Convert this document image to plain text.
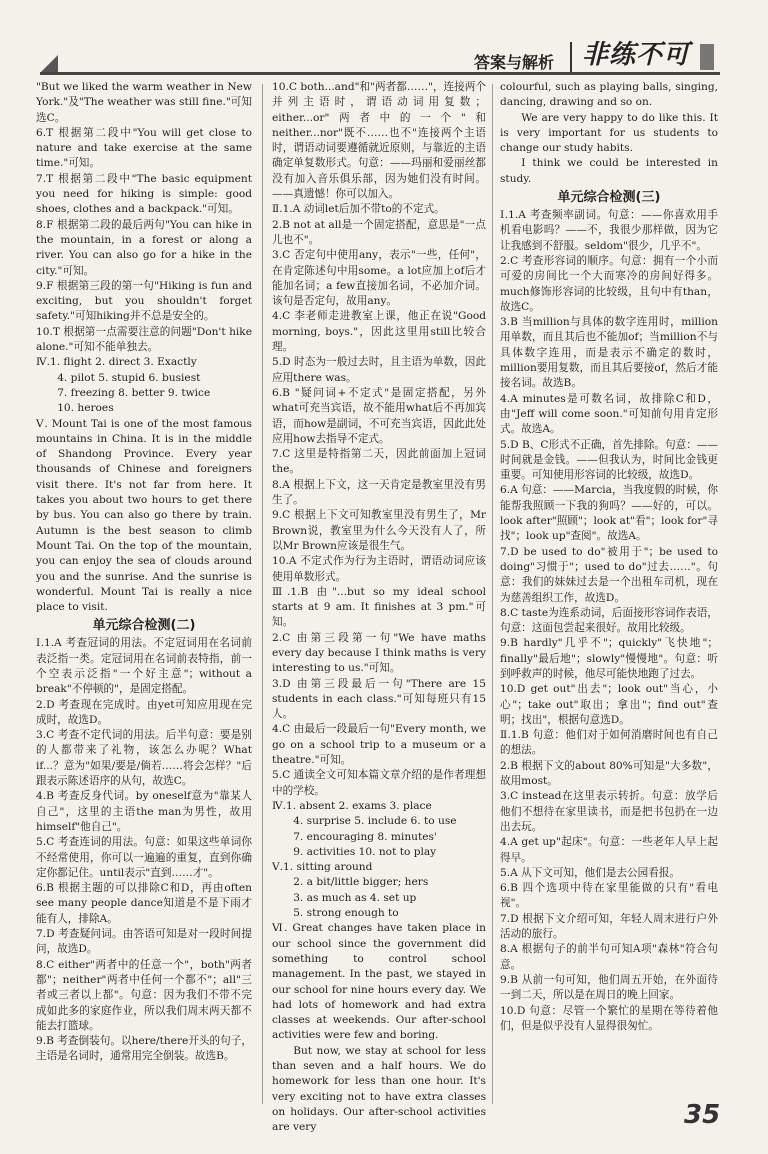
答案与解析 非练不可

"But we liked the warm weather in New York."及"The weather was still fine."可知选C。

6.T 根据第二段中"You will get close to nature and take exercise at the same time."可知。

7.T 根据第二段中"The basic equipment you need for hiking is simple: good shoes, clothes and a backpack."可知。

8.F 根据第二段的最后两句"You can hike in the mountain, in a forest or along a river. You can also go for a hike in the city."可知。

9.F 根据第三段的第一句"Hiking is fun and exciting, but you shouldn't forget safety."可知hiking并不总是安全的。

10.T 根据第一点需要注意的问题"Don't hike alone."可知不能单独去。

Ⅳ.1. flight 2. direct 3. Exactly

4. pilot 5. stupid 6. busiest

7. freezing 8. better 9. twice

10. heroes

Ⅴ. Mount Tai is one of the most famous mountains in China. It is in the middle of Shandong Province. Every year thousands of Chinese and foreigners visit there. It's not far from here. It takes you about two hours to get there by bus. You can also go there by train. Autumn is the best season to climb Mount Tai. On the top of the mountain, you can enjoy the sea of clouds around you and the sunrise. And the sunrise is wonderful. Mount Tai is really a nice place to visit.

单元综合检测(二)

Ⅰ.1.A 考查冠词的用法。不定冠词用在名词前表泛指一类。定冠词用在名词前表特指，前一个空表示泛指"一个好主意"；without a break"不停顿的"，是固定搭配。

2.D 考查现在完成时。由yet可知应用现在完成时，故选D。

3.C 考查不定代词的用法。后半句意：要是别的人都带来了礼物，该怎么办呢？What if...？意为"如果/要是/倘若……将会怎样？"后跟表示陈述语序的从句，故选C。

4.B 考查反身代词。by oneself意为"靠某人自己"，这里的主语the man为男性，故用himself"他自己"。

5.C 考查连词的用法。句意：如果这些单词你不经常使用，你可以一遍遍的重复，直到你确定你都记住。until表示"直到……才"。

6.B 根据主题的可以排除C和D，再由often see many people dance知道是不是下雨才能有人，排除A。

7.D 考查疑问词。由答语可知是对一段时间提问，故选D。

8.C either"两者中的任意一个"，both"两者都"；neither"两者中任何一个都不"；all"三者或三者以上都"。句意：因为我们不带不完成如此多的家庭作业，所以我们周末两天都不能去打篮球。

9.B 考查倒装句。以here/there开头的句子，主语是名词时，通常用完全倒装。故选B。

10.C both...and"和"两者都……"，连接两个并列主语时，谓语动词用复数；either...or"两者中的一个"和neither...nor"既不……也不"连接两个主语时，谓语动词要遵循就近原则，与靠近的主语确定单复数形式。句意：——玛丽和爱丽丝都没有加入音乐俱乐部，因为她们没有时间。——真遗憾！你可以加入。

Ⅱ.1.A 动词let后加不带to的不定式。

2.B not at all是一个固定搭配，意思是"一点儿也不"。

3.C 否定句中使用any，表示"一些，任何"，在肯定陈述句中用some。a lot应加上of后才能加名词；a few直接加名词，不必加介词。该句是否定句，故用any。

4.C 李老师走进教室上课，他正在说"Good morning, boys."，因此这里用still比较合理。

5.D 时态为一般过去时，且主语为单数，因此应用there was。

6.B "疑问词+不定式"是固定搭配，另外what可充当宾语，故不能用what后不再加宾语，而how是副词，不可充当宾语，因此此处应用how去指导不定式。

7.C 这里是特指第二天，因此前面加上冠词the。

8.A 根据上下文，这一天肯定是教室里没有男生了。

9.C 根据上下文可知教室里没有男生了，Mr Brown说，教室里为什么今天没有人了，所以Mr Brown应该是很生气。

10.A 不定式作为行为主语时，谓语动词应该使用单数形式。

Ⅲ.1.B 由"...but so my ideal school starts at 9 am. It finishes at 3 pm."可知。

2.C 由第三段第一句"We have maths every day because I think maths is very interesting to us."可知。

3.D 由第三段最后一句"There are 15 students in each class."可知每班只有15人。

4.C 由最后一段最后一句"Every month, we go on a school trip to a museum or a theatre."可知。

5.C 通读全文可知本篇文章介绍的是作者理想中的学校。

Ⅳ.1. absent 2. exams 3. place

4. surprise 5. include 6. to use

7. encouraging 8. minutes'

9. activities 10. not to play

Ⅴ.1. sitting around

2. a bit/little bigger; hers

3. as much as 4. set up

5. strong enough to

Ⅵ. Great changes have taken place in our school since the government did something to control school management. In the past, we stayed in our school for nine hours every day. We had lots of homework and had extra classes at weekends. Our after-school activities were few and boring.

But now, we stay at school for less than seven and a half hours. We do homework for less than one hour. It's very exciting not to have extra classes on holidays. Our after-school activities are very

colourful, such as playing balls, singing, dancing, drawing and so on.

We are very happy to do like this. It is very important for us students to change our study habits.

I think we could be interested in study.

单元综合检测(三)

Ⅰ.1.A 考查频率副词。句意：——你喜欢用手机看电影吗？——不，我很少那样做，因为它让我感到不舒服。seldom"很少，几乎不"。

2.C 考查形容词的顺序。句意：拥有一个小而可爱的房间比一个大而寒冷的房间好得多。much修饰形容词的比较级，且句中有than，故选C。

3.B 当million与具体的数字连用时，million用单数，而且其后也不能加of；当million不与具体数字连用，而是表示不确定的数时，million要用复数，而且其后要接of，然后才能接名词。故选B。

4.A minutes是可数名词，故排除C和D，由"Jeff will come soon."可知前句用肯定形式。故选A。

5.D B、C形式不正确，首先排除。句意：——时间就是金钱。——但我认为，时间比金钱更重要。可知使用形容词的比较级，故选D。

6.A 句意：——Marcia，当我度假的时候，你能帮我照顾一下我的狗吗？——好的，可以。look after"照顾"；look at"看"；look for"寻找"；look up"查阅"。故选A。

7.D be used to do"被用于"；be used to doing"习惯于"；used to do"过去……"。句意：我们的妹妹过去是一个出租车司机，现在为慈善组织工作，故选D。

8.C taste为连系动词，后面接形容词作表语，句意：这面包尝起来很好。故用比较级。

9.B hardly"几乎不"；quickly"飞快地"；finally"最后地"；slowly"慢慢地"。句意：听到呼救声的时候，他尽可能快地跑了过去。

10.D get out"出去"；look out"当心，小心"；take out"取出；拿出"；find out"查明；找出"，根据句意选D。

Ⅱ.1.B 句意：他们对于如何消磨时间也有自己的想法。

2.B 根据下文的about 80%可知是"大多数"，故用most。

3.C instead在这里表示转折。句意：放学后他们不想待在家里读书，而是把书包扔在一边出去玩。

4.A get up"起床"。句意：一些老年人早上起得早。

5.A 从下文可知，他们是去公园看报。

6.B 四个选项中待在家里能做的只有"看电视"。

7.D 根据下文介绍可知，年轻人周末进行户外活动的旅行。

8.A 根据句子的前半句可知A项"森林"符合句意。

9.B 从前一句可知，他们周五开始，在外面待一到二天，所以是在周日的晚上回家。

10.D 句意：尽管一个繁忙的星期在等待着他们，但是似乎没有人显得很匆忙。

35
